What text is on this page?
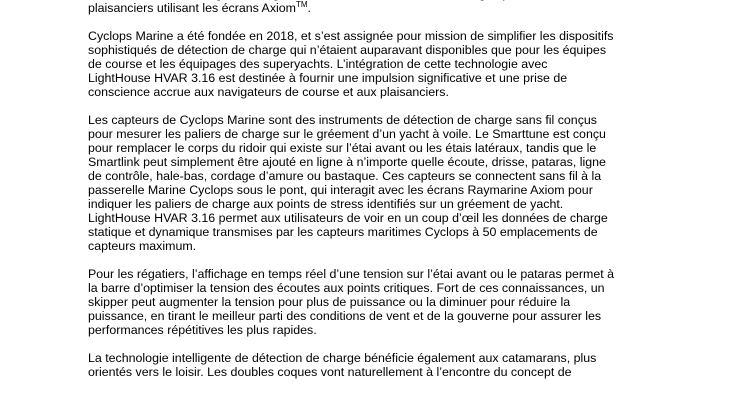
plaisanciers utilisant les écrans Axiom™.

Cyclops Marine a été fondée en 2018, et s’est assignée pour mission de simplifier les dispositifs
sophistiqués de détection de charge qui n’étaient auparavant disponibles que pour les équipes
de course et les équipages des superyachts. L’intégration de cette technologie avec
LightHouse HVAR 3.16 est destinée à fournir une impulsion significative et une prise de
conscience accrue aux navigateurs de course et aux plaisanciers.

Les capteurs de Cyclops Marine sont des instruments de détection de charge sans fil conçus
pour mesurer les paliers de charge sur le gréement d’un yacht à voile. Le Smarttune est conçu
pour remplacer le corps du ridoir qui existe sur l’étai avant ou les étais latéraux, tandis que le
Smartlink peut simplement être ajouté en ligne à n’importe quelle écoute, drisse, pataras, ligne
de contrôle, hale-bas, cordage d’amure ou bastaque. Ces capteurs se connectent sans fil à la
passerelle Marine Cyclops sous le pont, qui interagit avec les écrans Raymarine Axiom pour
indiquer les paliers de charge aux points de stress identifiés sur un gréement de yacht.
LightHouse HVAR 3.16 permet aux utilisateurs de voir en un coup d’œil les données de charge
statique et dynamique transmises par les capteurs maritimes Cyclops à 50 emplacements de
capteurs maximum.

Pour les régatiers, l’affichage en temps réel d’une tension sur l’étai avant ou le pataras permet à
la barre d’optimiser la tension des écoutes aux points critiques. Fort de ces connaissances, un
skipper peut augmenter la tension pour plus de puissance ou la diminuer pour réduire la
puissance, en tirant le meilleur parti des conditions de vent et de la gouverne pour assurer les
performances répétitives les plus rapides.

La technologie intelligente de détection de charge bénéficie également aux catamarans, plus
orientés vers le loisir. Les doubles coques vont naturellement à l’encontre du concept de
